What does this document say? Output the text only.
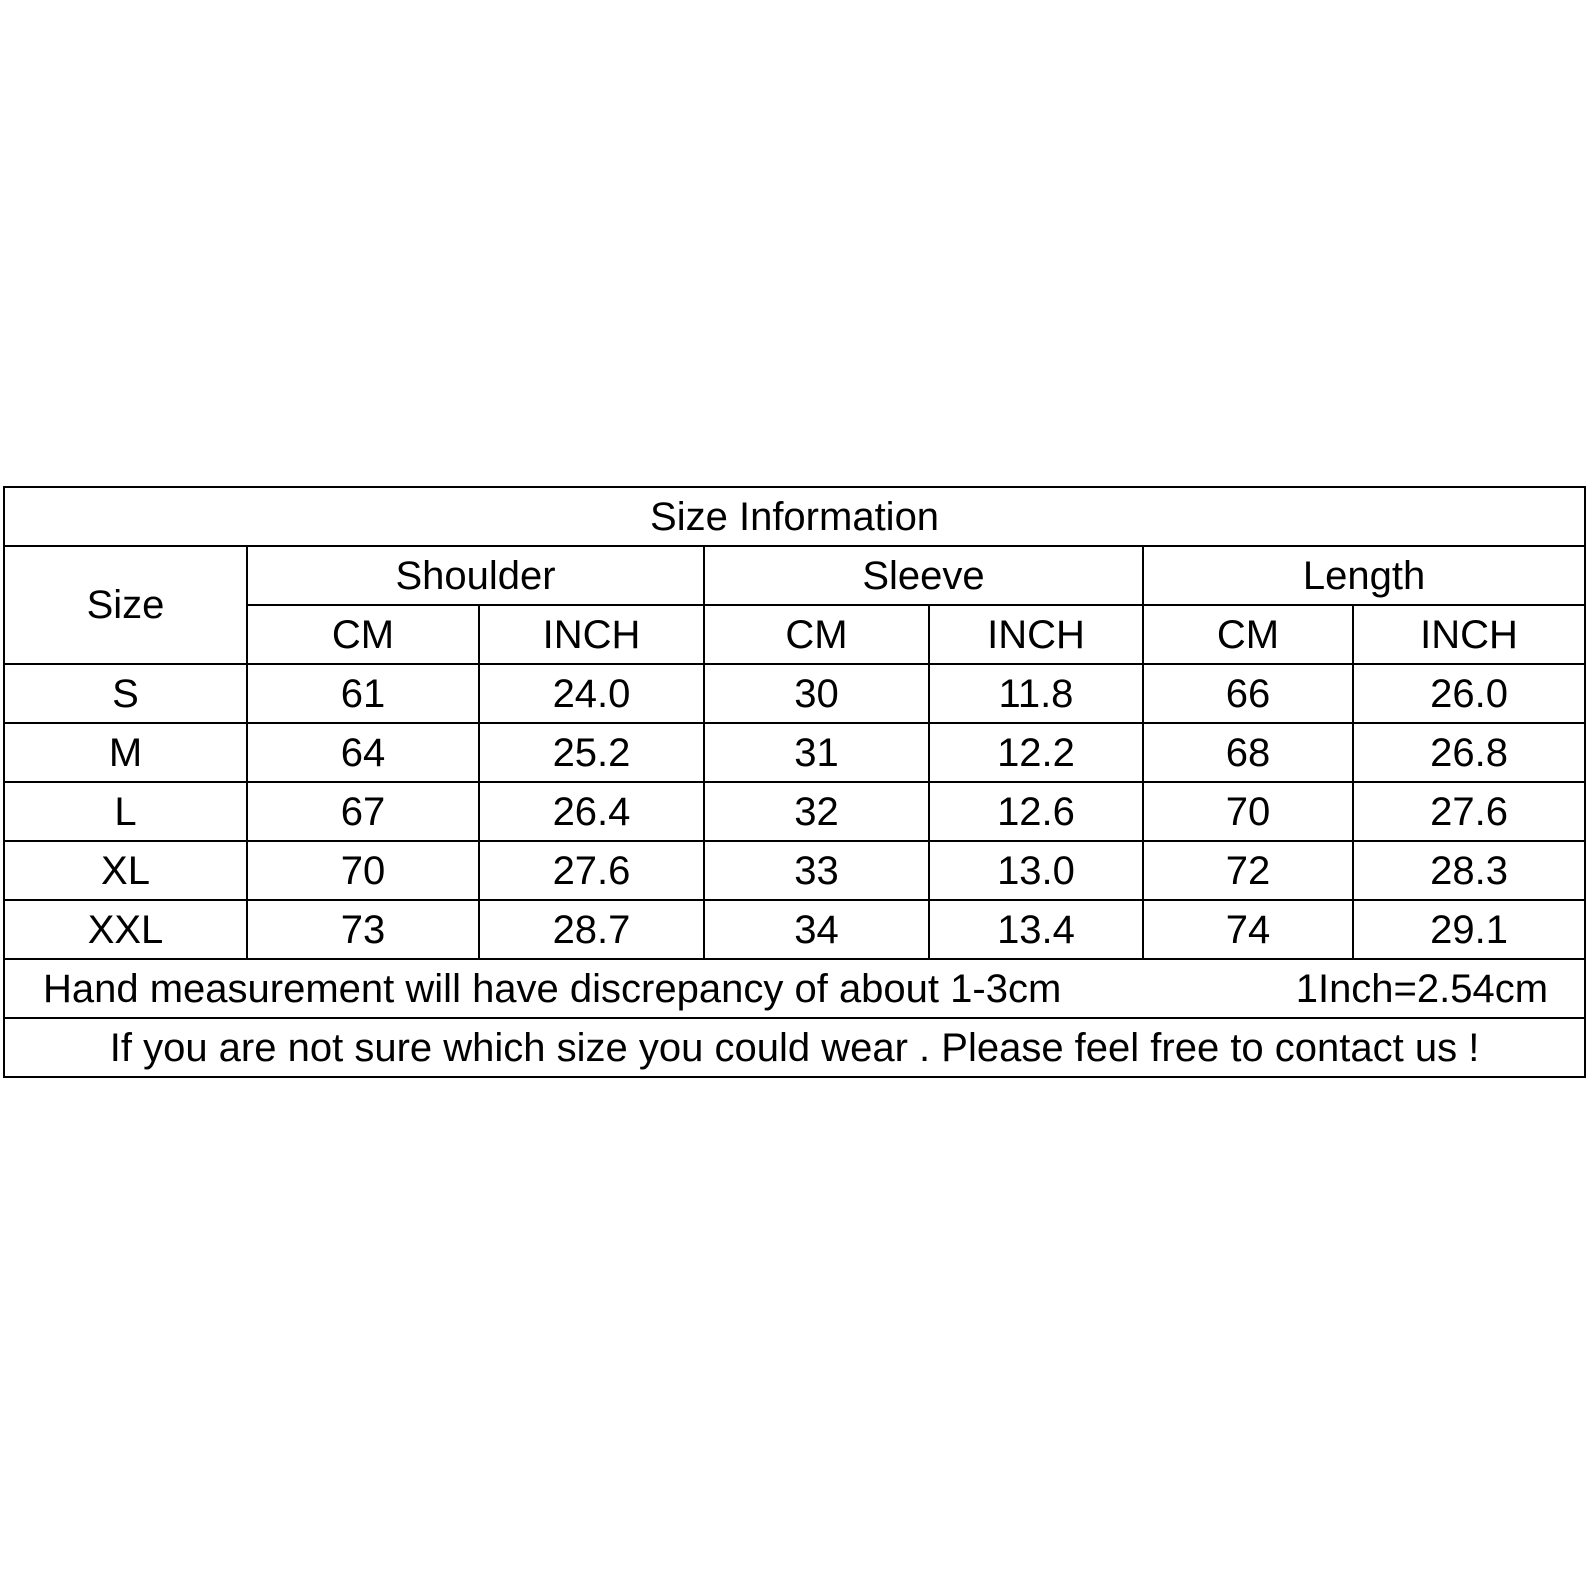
Size Information						
Size	Shoulder		Sleeve		Length	
	CM	INCH	CM	INCH	CM	INCH
S	61	24.0	30	11.8	66	26.0
M	64	25.2	31	12.2	68	26.8
L	67	26.4	32	12.6	70	27.6
XL	70	27.6	33	13.0	72	28.3
XXL	73	28.7	34	13.4	74	29.1

Hand measurement will have discrepancy of about 1-3cm 1Inch=2.54cm						

If you are not sure which size you could wear . Please feel free to contact us !						
